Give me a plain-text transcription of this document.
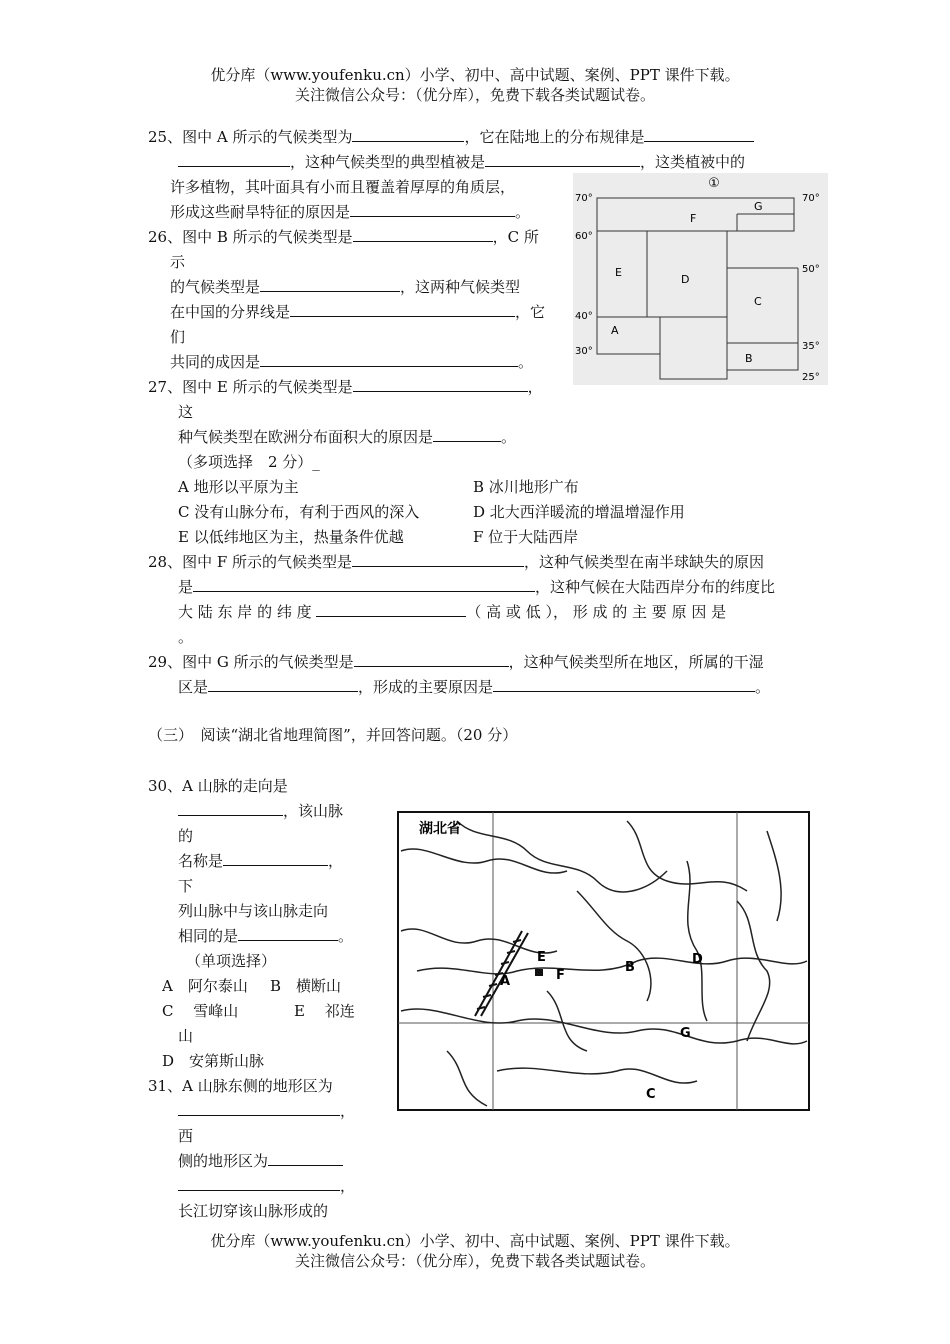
优分库（www.youfenku.cn）小学、初中、高中试题、案例、PPT 课件下载。
关注微信公众号：（优分库），免费下载各类试题试卷。
25、图中 A 所示的气候类型为	，它在陆地上的分布规律是
，这种气候类型的典型植被是	，这类植被中的
许多植物，其叶面具有小而且覆盖着厚厚的角质层，
形成这些耐旱特征的原因是	。
26、图中 B 所示的气候类型是	，C 所
示
的气候类型是	，这两种气候类型
在中国的分界线是	，它
们
共同的成因是	。
27、图中 E 所示的气候类型是	，
这
种气候类型在欧洲分布面积大的原因是	。
（多项选择　2 分）_
A 地形以平原为主	B 冰川地形广布
C 没有山脉分布，有利于西风的深入	D 北大西洋暖流的增温增湿作用
E 以低纬地区为主，热量条件优越	F 位于大陆西岸
28、图中 F 所示的气候类型是	，这种气候类型在南半球缺失的原因
是	，这种气候在大陆西岸分布的纬度比
大 陆 东 岸 的 纬 度	（ 高 或 低 ）， 形 成 的 主 要 原 因 是
。
29、图中 G 所示的气候类型是	，这种气候类型所在地区，所属的干湿
区是	，形成的主要原因是	。
（三）　阅读“湖北省地理简图”，并回答问题。（20 分）
30、A 山脉的走向是
，该山脉
的
名称是	，
下
列山脉中与该山脉走向
相同的是	。
（单项选择）
A　阿尔泰山 B　横断山
C　 雪峰山	E　 祁连
山
D　安第斯山脉
31、A 山脉东侧的地形区为
，
西
侧的地形区为
，
长江切穿该山脉形成的
①
70°	70°
60°
50°
40°
35°
30°
25°
F
G
E
D
C
A
B
湖北省
A
B
C
D
E
F
G
优分库（www.youfenku.cn）小学、初中、高中试题、案例、PPT 课件下载。
关注微信公众号：（优分库），免费下载各类试题试卷。
